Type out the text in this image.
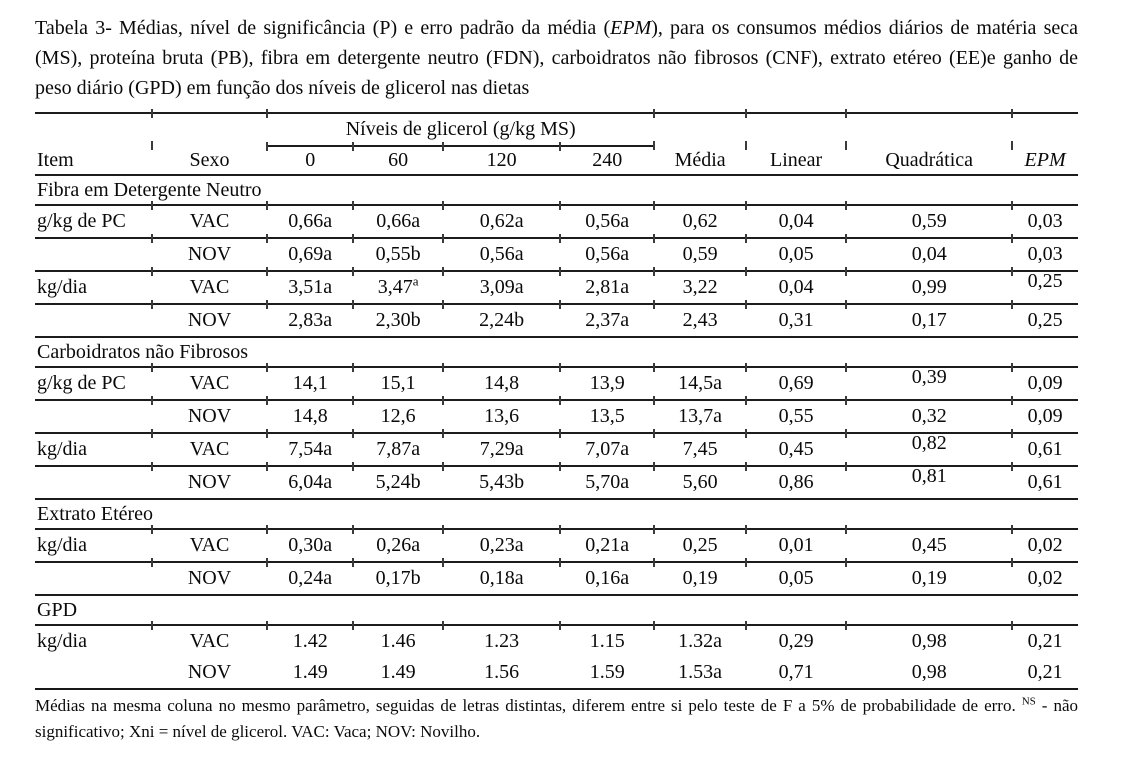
Tabela 3- Médias, nível de significância (P) e erro padrão da média (EPM), para os consumos médios diários de matéria seca (MS), proteína bruta (PB), fibra em detergente neutro (FDN), carboidratos não fibrosos (CNF), extrato etéreo (EE)e ganho de peso diário (GPD) em função dos níveis de glicerol nas dietas

		Níveis de glicerol (g/kg MS)							
Item	Sexo	0	60	120	240	Média	Linear	Quadrática	EPM
Fibra em Detergente Neutro									
g/kg de PC	VAC	0,66a	0,66a	0,62a	0,56a	0,62	0,04	0,59	0,03
	NOV	0,69a	0,55b	0,56a	0,56a	0,59	0,05	0,04	0,03
kg/dia	VAC	3,51a	3,47$^a$	3,09a	2,81a	3,22	0,04	0,99	0,25
	NOV	2,83a	2,30b	2,24b	2,37a	2,43	0,31	0,17	0,25
Carboidratos não Fibrosos									
g/kg de PC	VAC	14,1	15,1	14,8	13,9	14,5a	0,69	0,39	0,09
	NOV	14,8	12,6	13,6	13,5	13,7a	0,55	0,32	0,09
kg/dia	VAC	7,54a	7,87a	7,29a	7,07a	7,45	0,45	0,82	0,61
	NOV	6,04a	5,24b	5,43b	5,70a	5,60	0,86	0,81	0,61
Extrato Etéreo									
kg/dia	VAC	0,30a	0,26a	0,23a	0,21a	0,25	0,01	0,45	0,02
	NOV	0,24a	0,17b	0,18a	0,16a	0,19	0,05	0,19	0,02
GPD									
kg/dia	VAC	1.42	1.46	1.23	1.15	1.32a	0,29	0,98	0,21
	NOV	1.49	1.49	1.56	1.59	1.53a	0,71	0,98	0,21

Médias na mesma coluna no mesmo parâmetro, seguidas de letras distintas, diferem entre si pelo teste de F a 5% de probabilidade de erro. $^{NS}$ - não significativo; Xni = nível de glicerol. VAC: Vaca; NOV: Novilho.
